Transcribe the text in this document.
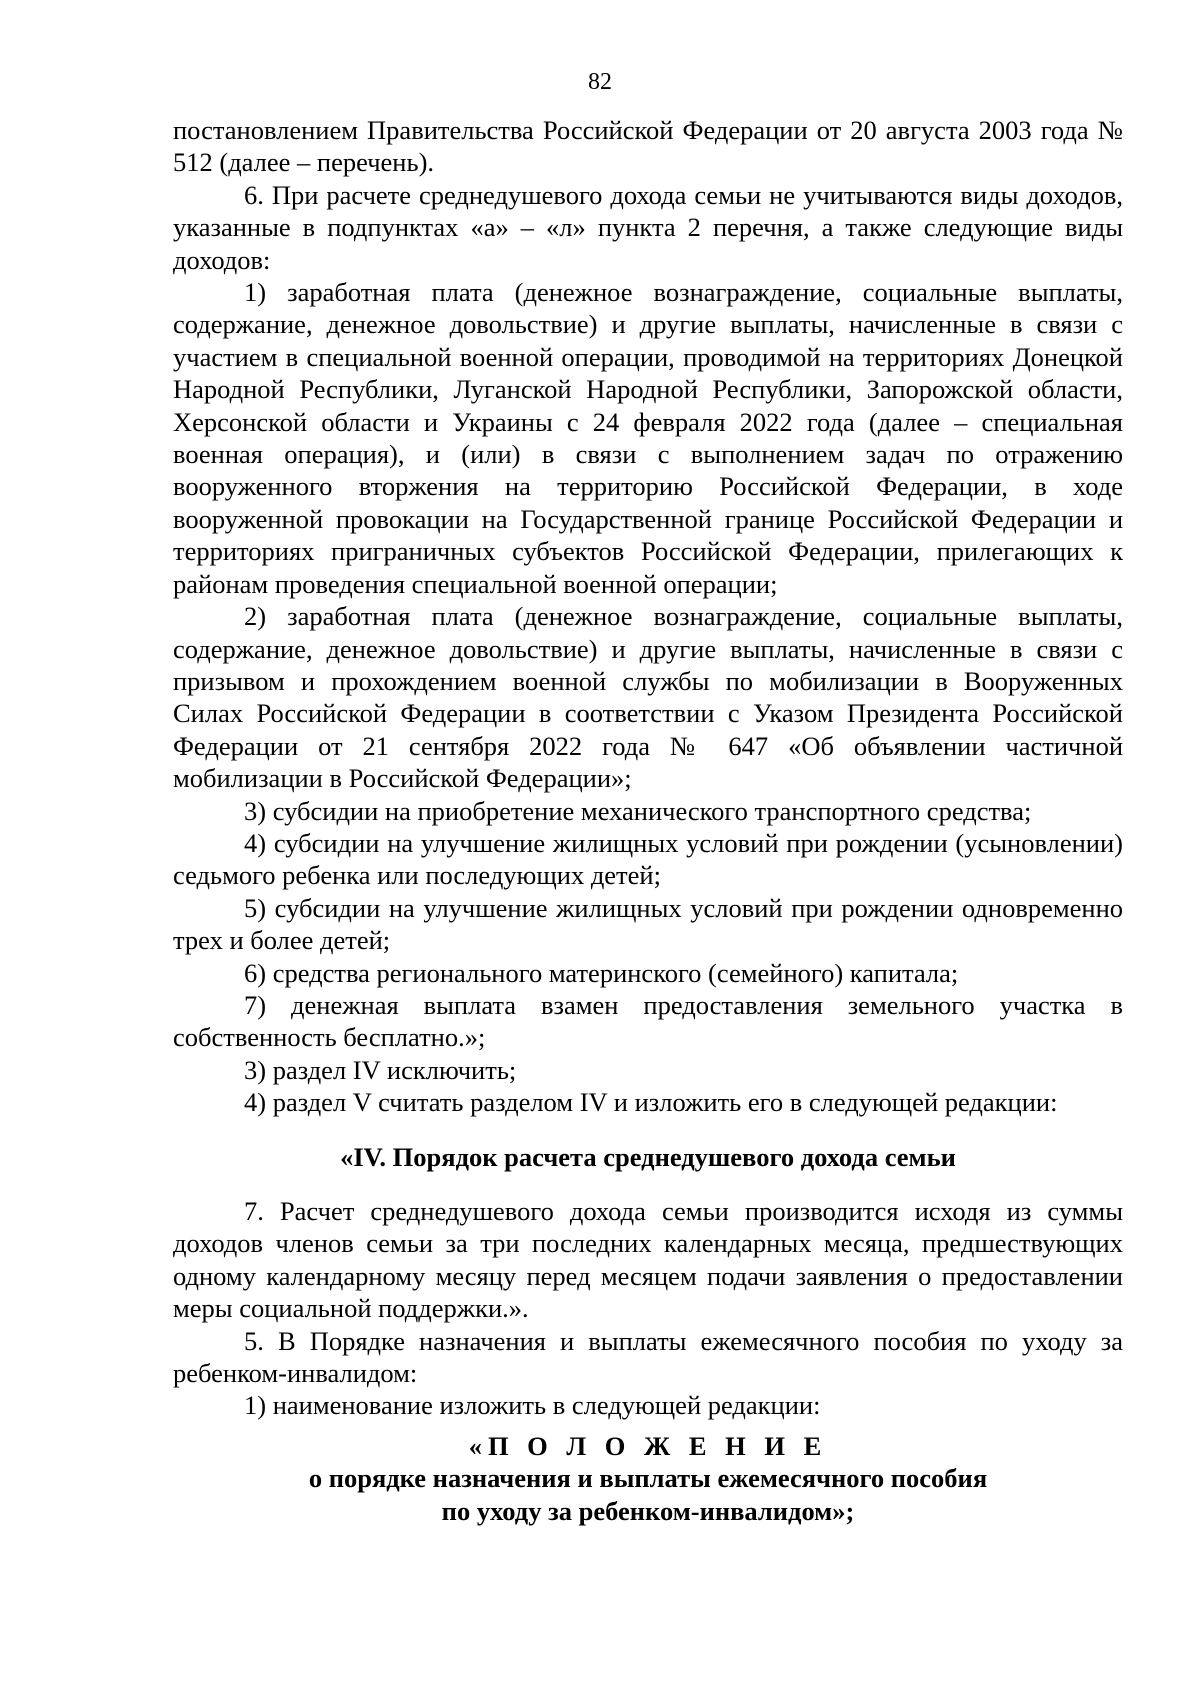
82

постановлением Правительства Российской Федерации от 20 августа 2003 года № 512 (далее – перечень).

6. При расчете среднедушевого дохода семьи не учитываются виды доходов, указанные в подпунктах «а» – «л» пункта 2 перечня, а также следующие виды доходов:

1) заработная плата (денежное вознаграждение, социальные выплаты, содержание, денежное довольствие) и другие выплаты, начисленные в связи с участием в специальной военной операции, проводимой на территориях Донецкой Народной Республики, Луганской Народной Республики, Запорожской области, Херсонской области и Украины с 24 февраля 2022 года (далее – специальная военная операция), и (или) в связи с выполнением задач по отражению вооруженного вторжения на территорию Российской Федерации, в ходе вооруженной провокации на Государственной границе Российской Федерации и территориях приграничных субъектов Российской Федерации, прилегающих к районам проведения специальной военной операции;

2) заработная плата (денежное вознаграждение, социальные выплаты, содержание, денежное довольствие) и другие выплаты, начисленные в связи с призывом и прохождением военной службы по мобилизации в Вооруженных Силах Российской Федерации в соответствии с Указом Президента Российской Федерации от 21 сентября 2022 года № 647 «Об объявлении частичной мобилизации в Российской Федерации»;

3) субсидии на приобретение механического транспортного средства;

4) субсидии на улучшение жилищных условий при рождении (усыновлении) седьмого ребенка или последующих детей;

5) субсидии на улучшение жилищных условий при рождении одновременно трех и более детей;

6) средства регионального материнского (семейного) капитала;

7) денежная выплата взамен предоставления земельного участка в собственность бесплатно.»;

3) раздел IV исключить;

4) раздел V считать разделом IV и изложить его в следующей редакции:

«IV. Порядок расчета среднедушевого дохода семьи

7. Расчет среднедушевого дохода семьи производится исходя из суммы доходов членов семьи за три последних календарных месяца, предшествующих одному календарному месяцу перед месяцем подачи заявления о предоставлении меры социальной поддержки.».

5. В Порядке назначения и выплаты ежемесячного пособия по уходу за ребенком-инвалидом:

1) наименование изложить в следующей редакции:

«П О Л О Ж Е Н И Е

о порядке назначения и выплаты ежемесячного пособия

по уходу за ребенком-инвалидом»;
